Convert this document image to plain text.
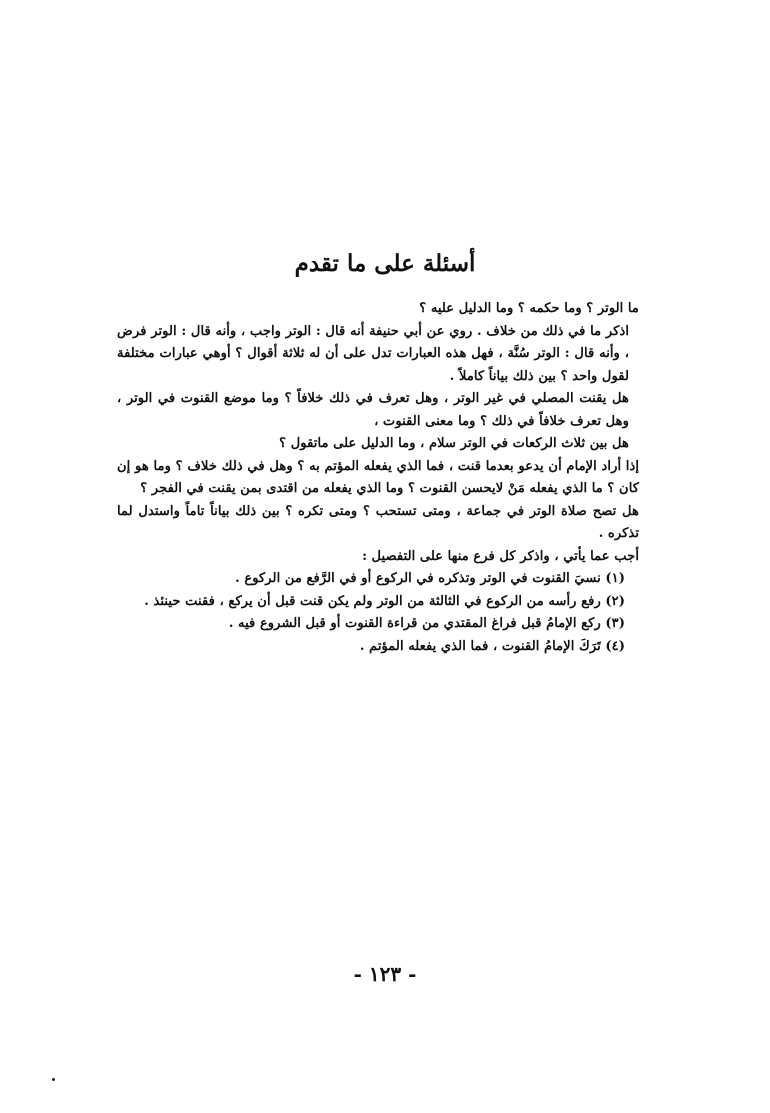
أسئلة على ما تقدم

ما الوتر ؟ وما حكمه ؟ وما الدليل عليه ؟

اذكر ما في ذلك من خلاف . روي عن أبي حنيفة أنه قال : الوتر واجب ، وأنه قال : الوتر فرض ، وأنه قال : الوتر سُنَّة ، فهل هذه العبارات تدل على أن له ثلاثة أقوال ؟ أوهي عبارات مختلفة لقول واحد ؟ بين ذلك بياناً كاملاً .

هل يقنت المصلي في غير الوتر ، وهل تعرف في ذلك خلافاً ؟ وما موضع القنوت في الوتر ، وهل تعرف خلافاً في ذلك ؟ وما معنى القنوت ،

هل بين ثلاث الركعات في الوتر سلام ، وما الدليل على ماتقول ؟

إذا أراد الإمام أن يدعو بعدما قنت ، فما الذي يفعله المؤتم به ؟ وهل في ذلك خلاف ؟ وما هو إن كان ؟ ما الذي يفعله مَنْ لايحسن القنوت ؟ وما الذي يفعله من اقتدى بمن يقنت في الفجر ؟

هل تصح صلاة الوتر في جماعة ، ومتى تستحب ؟ ومتى تكره ؟ بين ذلك بياناً تاماً واستدل لما تذكره .

أجب عما يأتي ، واذكر كل فرع منها على التفصيل :

(١) نسيَ القنوت في الوتر وتذكره في الركوع أو في الرَّفع من الركوع .

(٢) رفع رأسه من الركوع في الثالثة من الوتر ولم يكن قنت قبل أن يركع ، فقنت حينئذ .

(٣) ركع الإمامُ قبل فراغ المقتدي من قراءة القنوت أو قبل الشروع فيه .

(٤) تَرَكَ الإمامُ القنوت ، فما الذي يفعله المؤتم .

- ١٢٣ -
